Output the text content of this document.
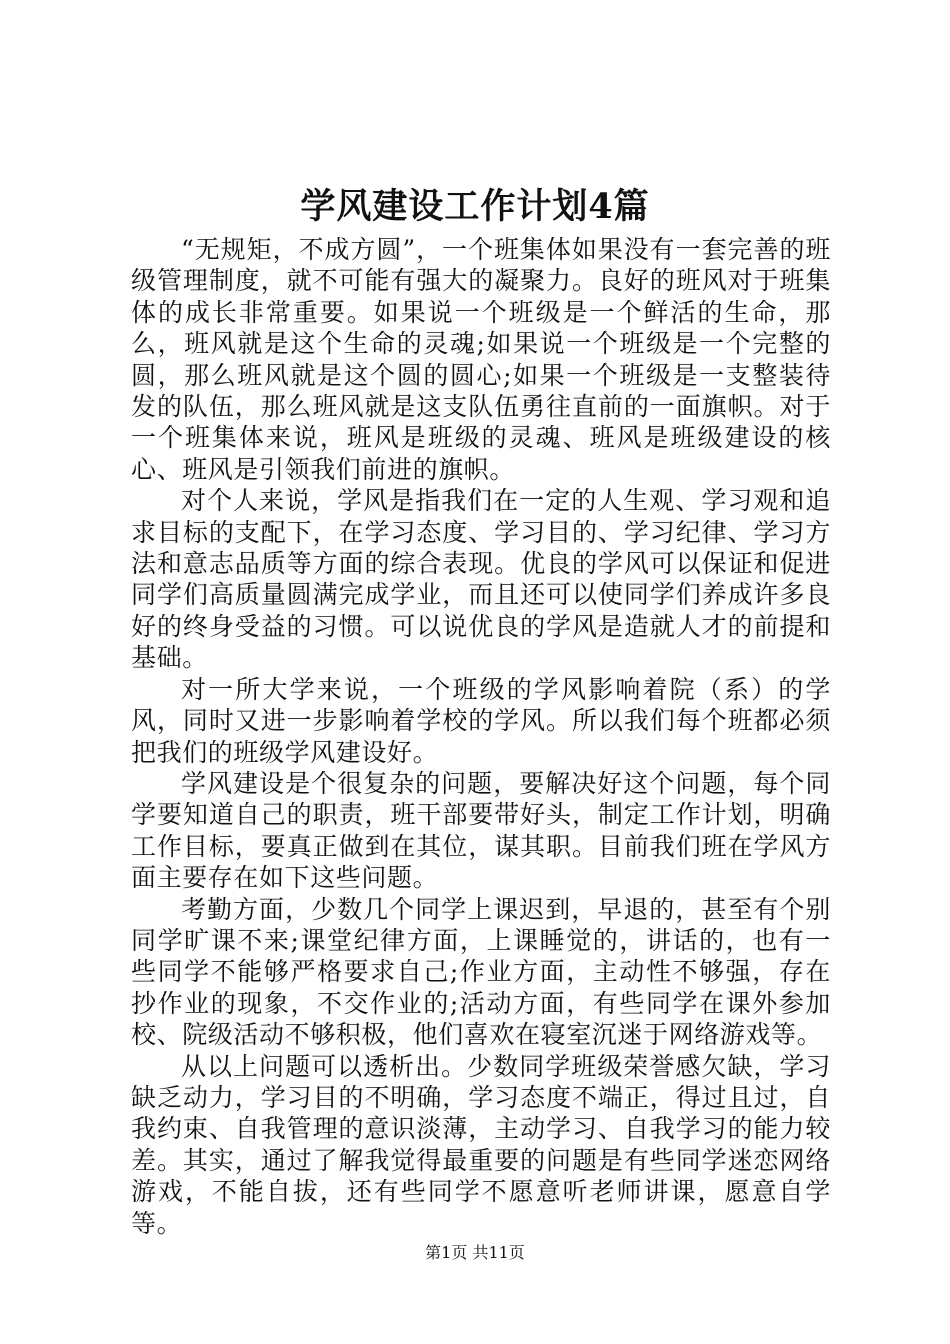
学风建设工作计划4篇

“无规矩，不成方圆”，一个班集体如果没有一套完善的班级管理制度，就不可能有强大的凝聚力。良好的班风对于班集体的成长非常重要。如果说一个班级是一个鲜活的生命，那么，班风就是这个生命的灵魂;如果说一个班级是一个完整的圆，那么班风就是这个圆的圆心;如果一个班级是一支整装待发的队伍，那么班风就是这支队伍勇往直前的一面旗帜。对于一个班集体来说，班风是班级的灵魂、班风是班级建设的核心、班风是引领我们前进的旗帜。

对个人来说，学风是指我们在一定的人生观、学习观和追求目标的支配下，在学习态度、学习目的、学习纪律、学习方法和意志品质等方面的综合表现。优良的学风可以保证和促进同学们高质量圆满完成学业，而且还可以使同学们养成许多良好的终身受益的习惯。可以说优良的学风是造就人才的前提和基础。

对一所大学来说，一个班级的学风影响着院（系）的学风，同时又进一步影响着学校的学风。所以我们每个班都必须把我们的班级学风建设好。

学风建设是个很复杂的问题，要解决好这个问题，每个同学要知道自己的职责，班干部要带好头，制定工作计划，明确工作目标，要真正做到在其位，谋其职。目前我们班在学风方面主要存在如下这些问题。

考勤方面，少数几个同学上课迟到，早退的，甚至有个别同学旷课不来;课堂纪律方面，上课睡觉的，讲话的，也有一些同学不能够严格要求自己;作业方面，主动性不够强，存在抄作业的现象，不交作业的;活动方面，有些同学在课外参加校、院级活动不够积极，他们喜欢在寝室沉迷于网络游戏等。

从以上问题可以透析出。少数同学班级荣誉感欠缺，学习缺乏动力，学习目的不明确，学习态度不端正，得过且过，自我约束、自我管理的意识淡薄，主动学习、自我学习的能力较差。其实，通过了解我觉得最重要的问题是有些同学迷恋网络游戏，不能自拔，还有些同学不愿意听老师讲课，愿意自学等。

第1页 共11页
